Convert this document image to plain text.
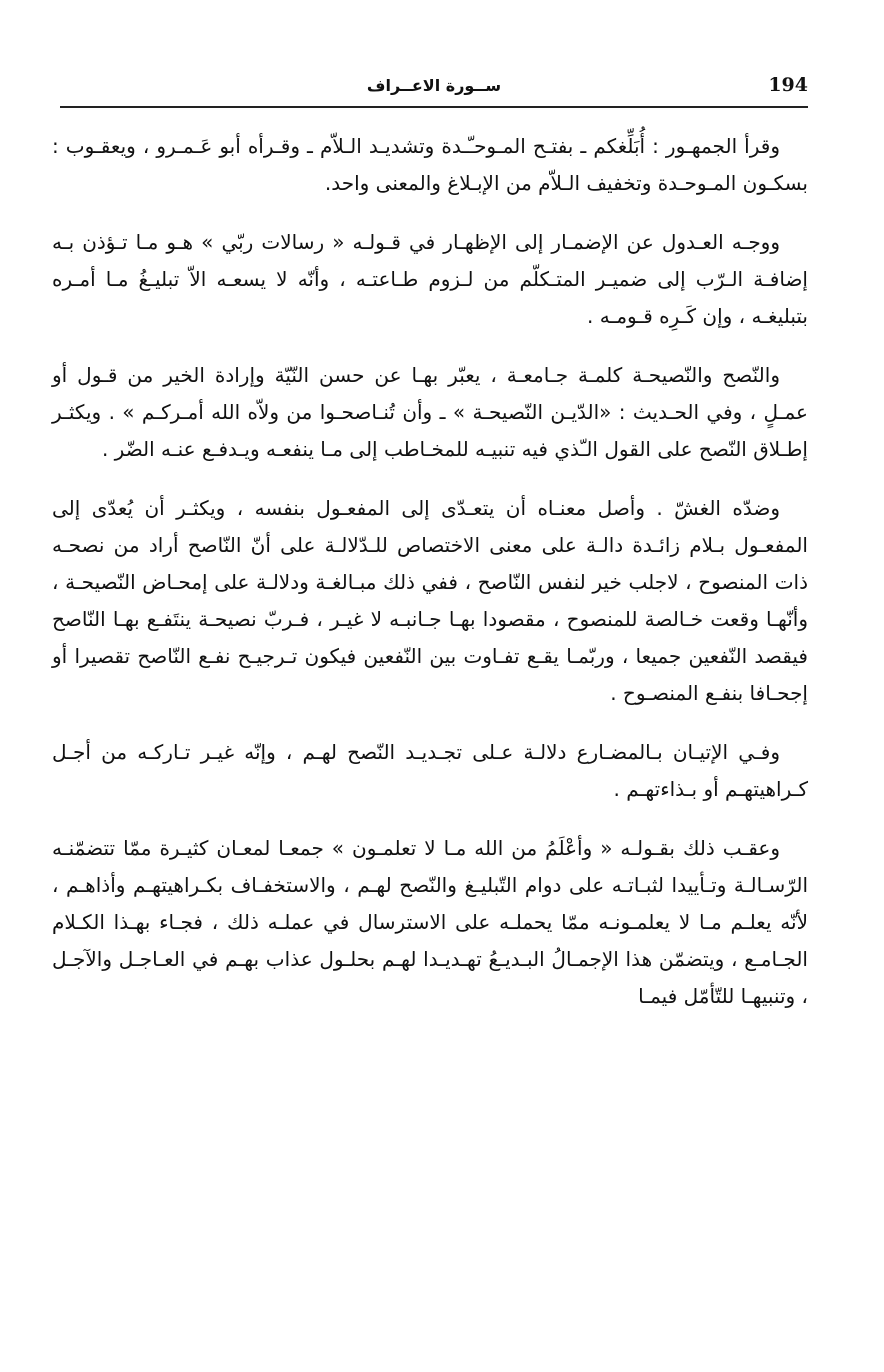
194
ســورة الاعــراف

وقرأ الجمهـور : أُبَلِّغكم ـ بفتـح المـوحـّـدة وتشديـد الـلاّم ـ وقـرأه أبو عَـمـرو ، ويعقـوب : بسكـون المـوحـدة وتخفيف الـلاّم من الإبـلاغ والمعنى واحد.

ووجـه العـدول عن الإضمـار إلى الإظهـار في قـولـه « رسالات ربّي » هـو مـا تـؤذن بـه إضافـة الـرّب إلى ضميـر المتـكلّم من لـزوم طـاعتـه ، وأنّه لا يسعـه الاّ تبليـغُ مـا أمـره بتبليغـه ، وإن كَـرِه قـومـه .

والنّصح والنّصيحـة كلمـة جـامعـة ، يعبّر بهـا عن حسن النّيّة وإرادة الخير من قـول أو عمـلٍ ، وفي الحـديث : «الدّيـن النّصيحـة » ـ وأن تُنـاصحـوا من ولاّه الله أمـركـم » . ويكثـر إطـلاق النّصح على القول الـّذي فيه تنبيـه للمخـاطب إلى مـا ينفعـه ويـدفـع عنـه الضّر .

وضدّه الغشّ . وأصل معنـاه أن يتعـدّى إلى المفعـول بنفسه ، ويكثـر أن يُعدّى إلى المفعـول بـلام زائـدة دالـة على معنى الاختصاص للـدّلالـة على أنّ النّاصح أراد من نصحـه ذات المنصوح ، لاجلب خير لنفس النّاصح ، ففي ذلك مبـالغـة ودلالـة على إمحـاض النّصيحـة ، وأنّهـا وقعت خـالصة للمنصوح ، مقصودا بهـا جـانبـه لا غيـر ، فـربّ نصيحـة ينتَفـع بهـا النّاصح فيقصد النّفعين جميعا ، وربّمـا يقـع تفـاوت بين النّفعين فيكون تـرجيـح نفـع النّاصح تقصيرا أو إجحـافا بنفـع المنصـوح .

وفـي الإتيـان بـالمضـارع دلالـة عـلى تجـديـد النّصح لهـم ، وإنّه غيـر تـاركـه من أجـل كـراهيتهـم أو بـذاءتهـم .

وعقـب ذلك بقـولـه « وأعْلَمُ من الله مـا لا تعلمـون » جمعـا لمعـان كثيـرة ممّا تتضمّنـه الرّسـالـة وتـأييدا لثبـاتـه على دوام التّبليـغ والنّصح لهـم ، والاستخفـاف بكـراهيتهـم وأذاهـم ، لأنّه يعلـم مـا لا يعلمـونـه ممّا يحملـه على الاسترسال في عملـه ذلك ، فجـاء بهـذا الكـلام الجـامـع ، ويتضمّن هذا الإجمـالُ البـديـعُ تهـديـدا لهـم بحلـول عذاب بهـم في العـاجـل والآجـل ، وتنبيهـا للتّأمّل فيمـا
